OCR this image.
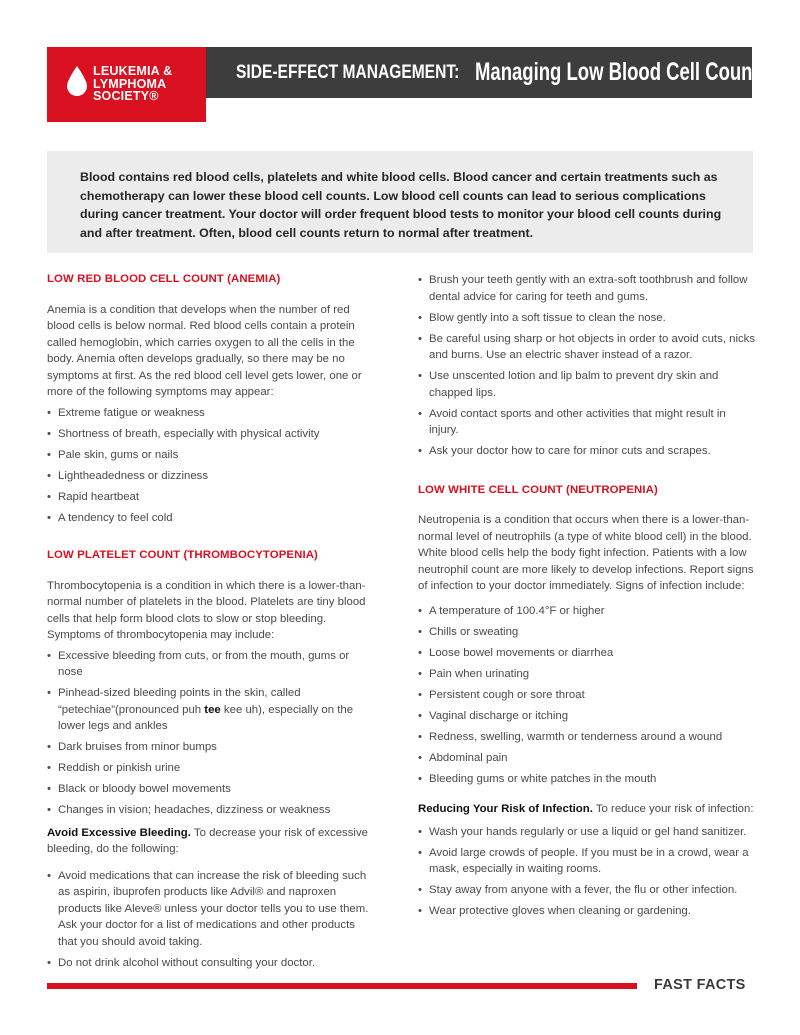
LEUKEMIA &
LYMPHOMA
SOCIETY®
SIDE-EFFECT MANAGEMENT: Managing Low Blood Cell Counts

Blood contains red blood cells, platelets and white blood cells. Blood cancer and certain treatments such as chemotherapy can lower these blood cell counts. Low blood cell counts can lead to serious complications during cancer treatment. Your doctor will order frequent blood tests to monitor your blood cell counts during and after treatment. Often, blood cell counts return to normal after treatment.

LOW RED BLOOD CELL COUNT (ANEMIA)

Anemia is a condition that develops when the number of red blood cells is below normal. Red blood cells contain a protein called hemoglobin, which carries oxygen to all the cells in the body. Anemia often develops gradually, so there may be no symptoms at first. As the red blood cell level gets lower, one or more of the following symptoms may appear:

• Extreme fatigue or weakness
• Shortness of breath, especially with physical activity
• Pale skin, gums or nails
• Lightheadedness or dizziness
• Rapid heartbeat
• A tendency to feel cold
LOW PLATELET COUNT (THROMBOCYTOPENIA)

Thrombocytopenia is a condition in which there is a lower-than-normal number of platelets in the blood. Platelets are tiny blood cells that help form blood clots to slow or stop bleeding. Symptoms of thrombocytopenia may include:

• Excessive bleeding from cuts, or from the mouth, gums or nose
• Pinhead-sized bleeding points in the skin, called “petechiae”(pronounced puh tee kee uh), especially on the lower legs and ankles
• Dark bruises from minor bumps
• Reddish or pinkish urine
• Black or bloody bowel movements
• Changes in vision; headaches, dizziness or weakness

Avoid Excessive Bleeding. To decrease your risk of excessive bleeding, do the following:

• Avoid medications that can increase the risk of bleeding such as aspirin, ibuprofen products like Advil® and naproxen products like Aleve® unless your doctor tells you to use them. Ask your doctor for a list of medications and other products that you should avoid taking.
• Do not drink alcohol without consulting your doctor.
• Brush your teeth gently with an extra-soft toothbrush and follow dental advice for caring for teeth and gums.
• Blow gently into a soft tissue to clean the nose.
• Be careful using sharp or hot objects in order to avoid cuts, nicks and burns. Use an electric shaver instead of a razor.
• Use unscented lotion and lip balm to prevent dry skin and chapped lips.
• Avoid contact sports and other activities that might result in injury.
• Ask your doctor how to care for minor cuts and scrapes.
LOW WHITE CELL COUNT (NEUTROPENIA)

Neutropenia is a condition that occurs when there is a lower-than-normal level of neutrophils (a type of white blood cell) in the blood. White blood cells help the body fight infection. Patients with a low neutrophil count are more likely to develop infections. Report signs of infection to your doctor immediately. Signs of infection include:

• A temperature of 100.4°F or higher
• Chills or sweating
• Loose bowel movements or diarrhea
• Pain when urinating
• Persistent cough or sore throat
• Vaginal discharge or itching
• Redness, swelling, warmth or tenderness around a wound
• Abdominal pain
• Bleeding gums or white patches in the mouth

Reducing Your Risk of Infection. To reduce your risk of infection:

• Wash your hands regularly or use a liquid or gel hand sanitizer.
• Avoid large crowds of people. If you must be in a crowd, wear a mask, especially in waiting rooms.
• Stay away from anyone with a fever, the flu or other infection.
• Wear protective gloves when cleaning or gardening.
FAST FACTS
